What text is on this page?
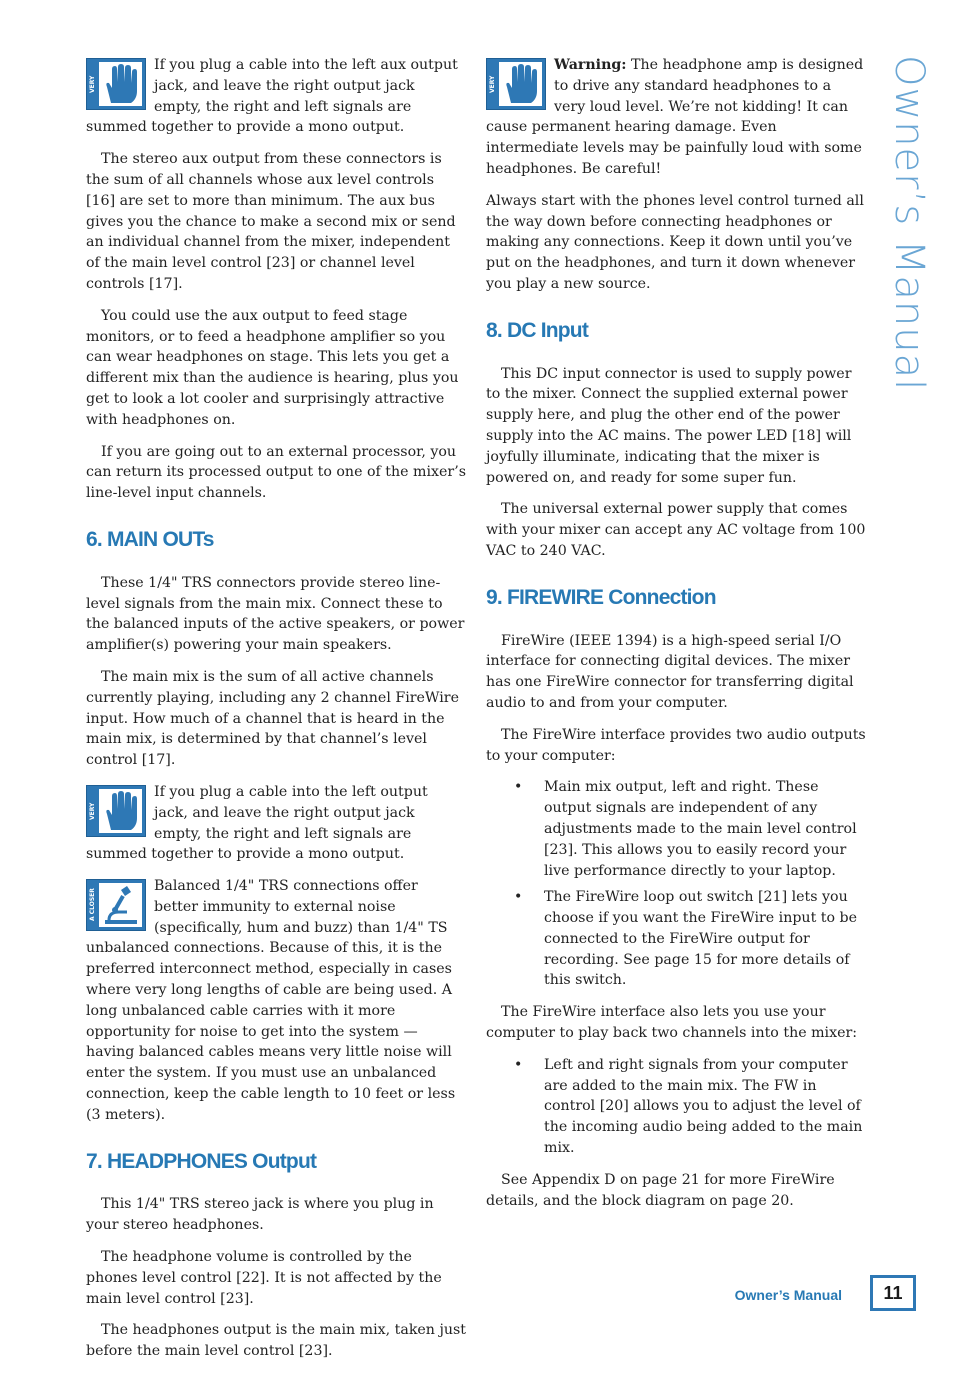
VERY
If you plug a cable into the left aux output jack, and leave the right output jack empty, the right and left signals are summed together to provide a mono output.

The stereo aux output from these connectors is the sum of all channels whose aux level controls [16] are set to more than minimum. The aux bus gives you the chance to make a second mix or send an individual channel from the mixer, independent of the main level control [23] or channel level controls [17].

You could use the aux output to feed stage monitors, or to feed a headphone amplifier so you can wear headphones on stage. This lets you get a different mix than the audience is hearing, plus you get to look a lot cooler and surprisingly attractive with headphones on.

If you are going out to an external processor, you can return its processed output to one of the mixer’s line-level input channels.

6. MAIN OUTs

These 1/4" TRS connectors provide stereo line-level signals from the main mix. Connect these to the balanced inputs of the active speakers, or power amplifier(s) powering your main speakers.

The main mix is the sum of all active channels currently playing, including any 2 channel FireWire input. How much of a channel that is heard in the main mix, is determined by that channel’s level control [17].

VERY
If you plug a cable into the left output jack, and leave the right output jack empty, the right and left signals are summed together to provide a mono output.

A CLOSER
Balanced 1/4" TRS connections offer better immunity to external noise (specifically, hum and buzz) than 1/4" TS unbalanced connections. Because of this, it is the preferred interconnect method, especially in cases where very long lengths of cable are being used. A long unbalanced cable carries with it more opportunity for noise to get into the system — having balanced cables means very little noise will enter the system. If you must use an unbalanced connection, keep the cable length to 10 feet or less (3 meters).

7. HEADPHONES Output

This 1/4" TRS stereo jack is where you plug in your stereo headphones.

The headphone volume is controlled by the phones level control [22]. It is not affected by the main level control [23].

The headphones output is the main mix, taken just before the main level control [23].

VERY
Warning: The headphone amp is designed to drive any standard headphones to a very loud level. We’re not kidding! It can cause permanent hearing damage. Even intermediate levels may be painfully loud with some headphones. Be careful!

Always start with the phones level control turned all the way down before connecting headphones or making any connections. Keep it down until you’ve put on the headphones, and turn it down whenever you play a new source.

8. DC Input

This DC input connector is used to supply power to the mixer. Connect the supplied external power supply here, and plug the other end of the power supply into the AC mains. The power LED [18] will joyfully illuminate, indicating that the mixer is powered on, and ready for some super fun.

The universal external power supply that comes with your mixer can accept any AC voltage from 100 VAC to 240 VAC.

9. FIREWIRE Connection

FireWire (IEEE 1394) is a high-speed serial I/O interface for connecting digital devices. The mixer has one FireWire connector for transferring digital audio to and from your computer.

The FireWire interface provides two audio outputs to your computer:

• Main mix output, left and right. These output signals are independent of any adjustments made to the main level control [23]. This allows you to easily record your live performance directly to your laptop.
• The FireWire loop out switch [21] lets you choose if you want the FireWire input to be connected to the FireWire output for recording. See page 15 for more details of this switch.

The FireWire interface also lets you use your computer to play back two channels into the mixer:

• Left and right signals from your computer are added to the main mix. The FW in control [20] allows you to adjust the level of the incoming audio being added to the main mix.

See Appendix D on page 21 for more FireWire details, and the block diagram on page 20.

Owner’s Manual
Owner’s Manual	11
